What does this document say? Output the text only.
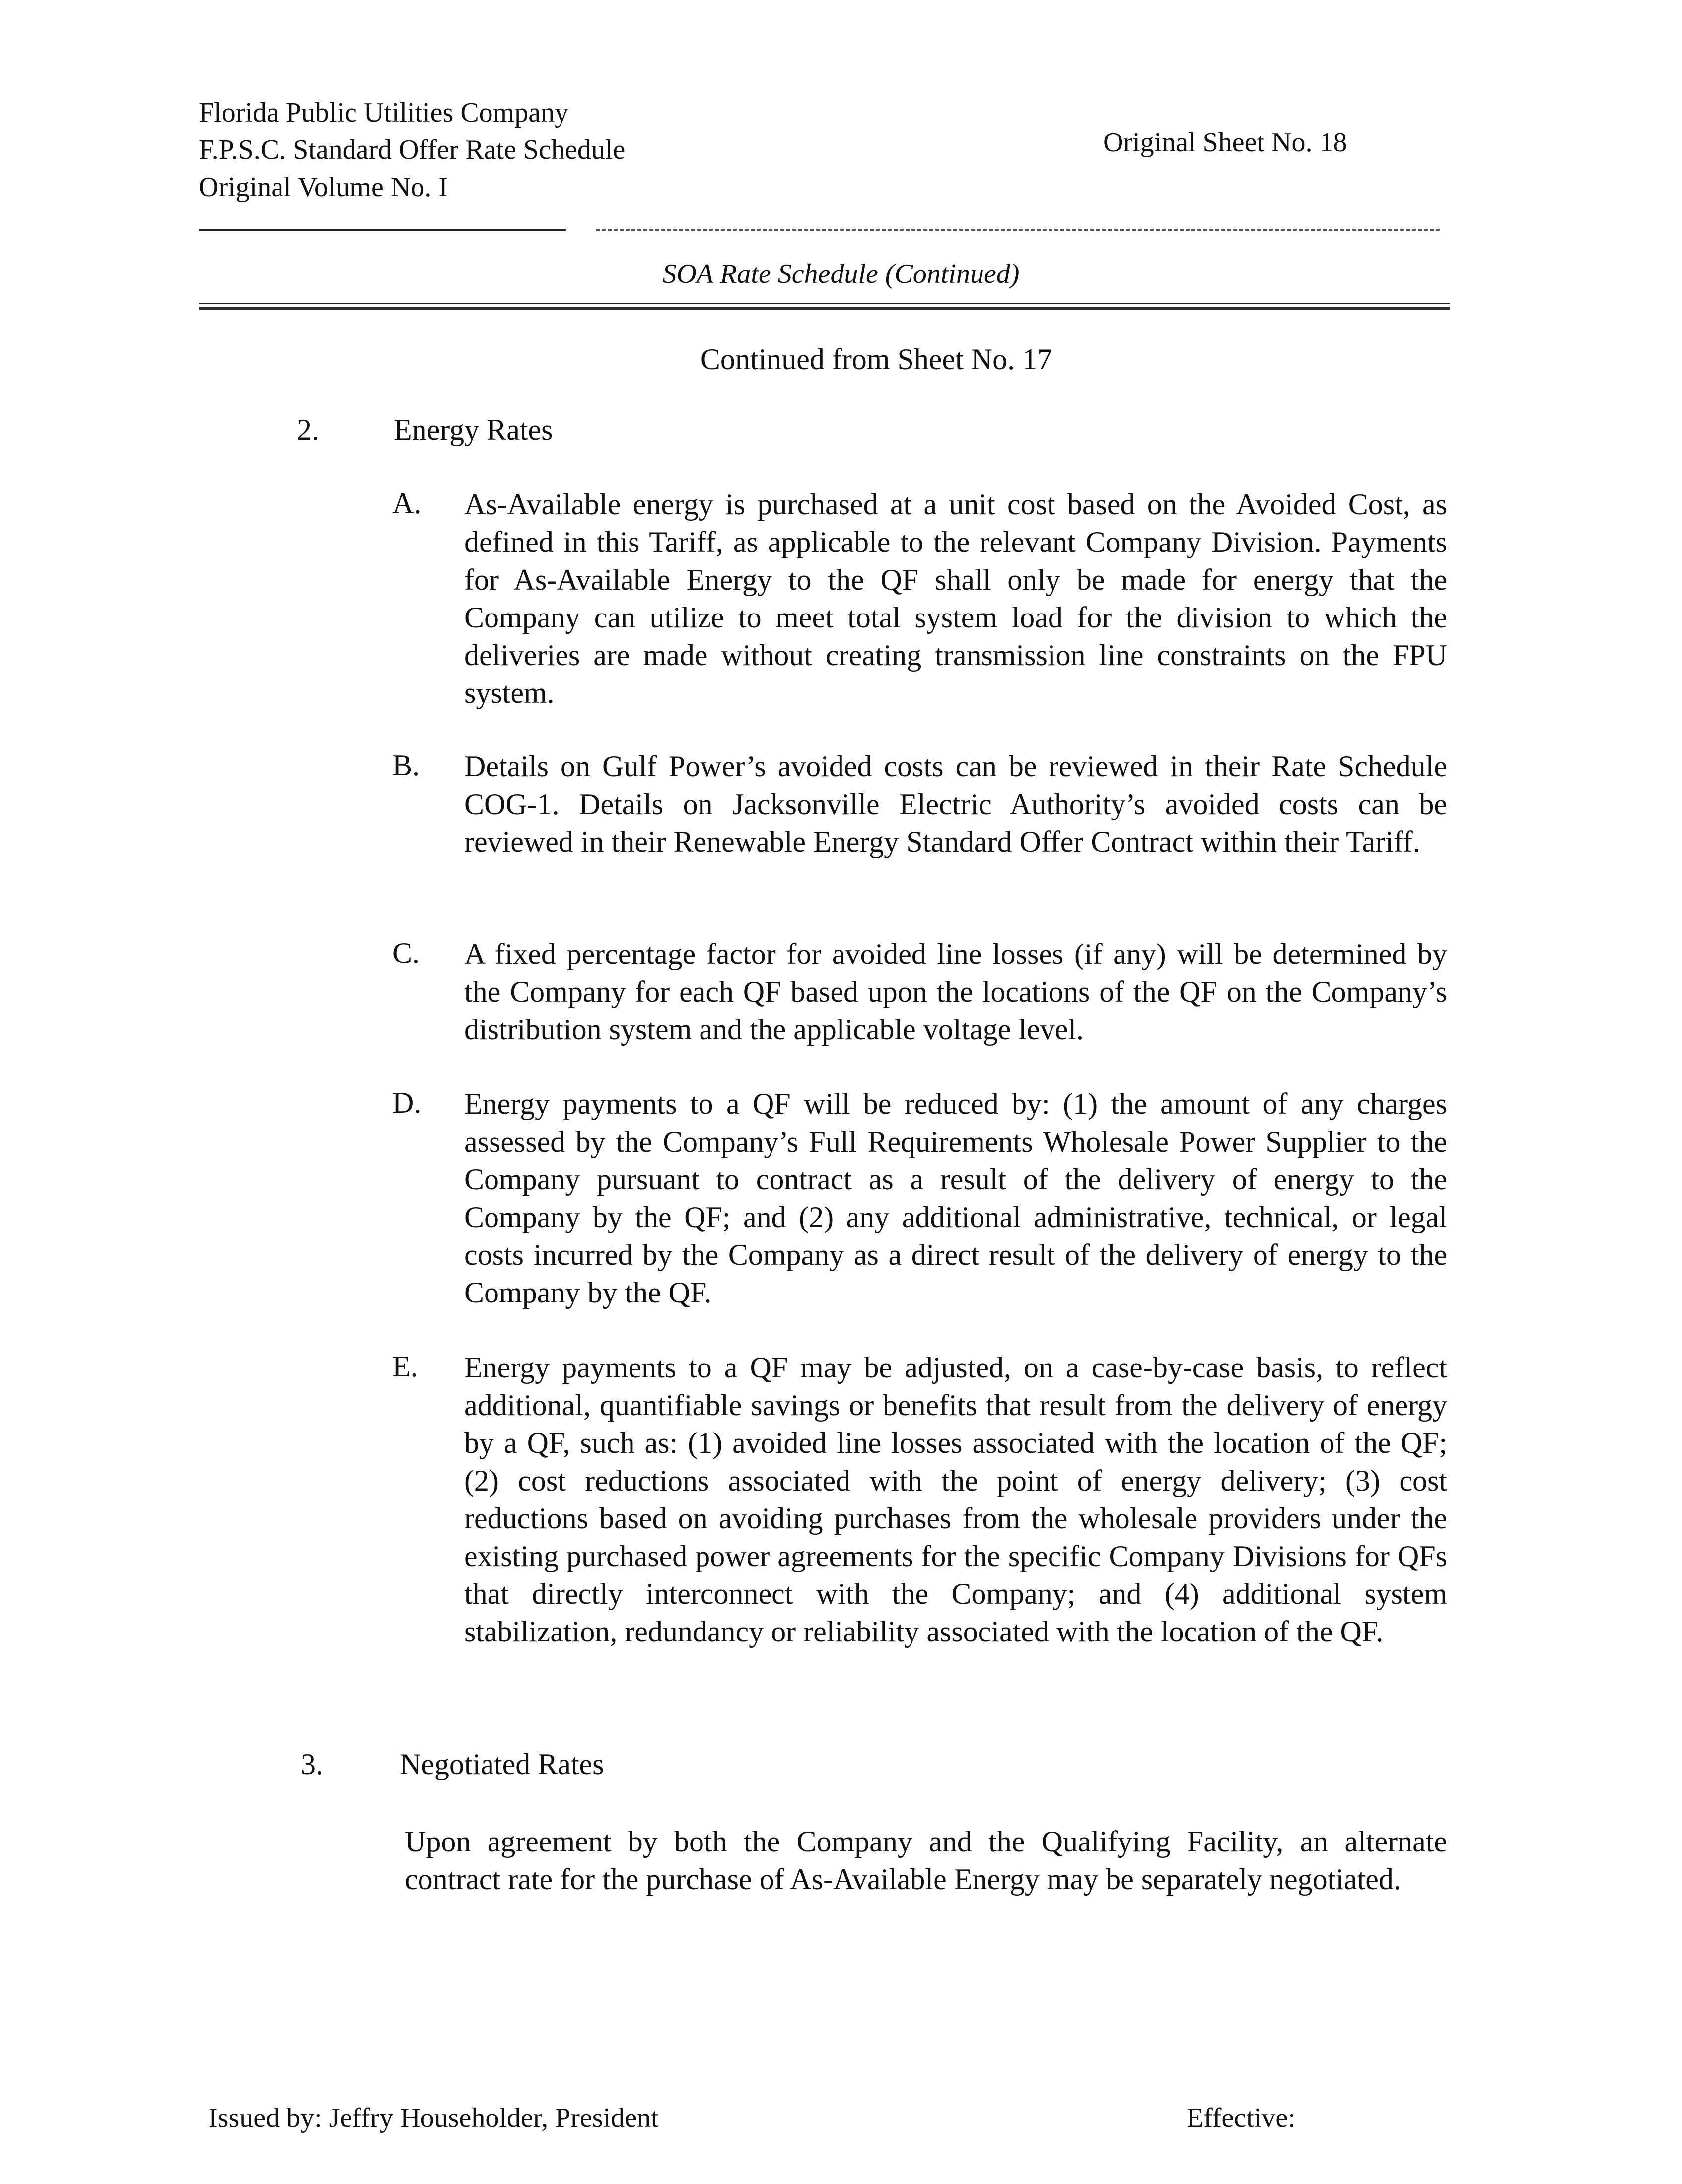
Florida Public Utilities Company
F.P.S.C. Standard Offer Rate Schedule
Original Volume No. I
Original Sheet No. 18
SOA Rate Schedule (Continued)
Continued from Sheet No. 17
2.	Energy Rates
A. As-Available energy is purchased at a unit cost based on the Avoided Cost, as defined in this Tariff, as applicable to the relevant Company Division. Payments for As-Available Energy to the QF shall only be made for energy that the Company can utilize to meet total system load for the division to which the deliveries are made without creating transmission line constraints on the FPU system.
B. Details on Gulf Power’s avoided costs can be reviewed in their Rate Schedule COG-1. Details on Jacksonville Electric Authority’s avoided costs can be reviewed in their Renewable Energy Standard Offer Contract within their Tariff.
C. A fixed percentage factor for avoided line losses (if any) will be determined by the Company for each QF based upon the locations of the QF on the Company’s distribution system and the applicable voltage level.
D. Energy payments to a QF will be reduced by: (1) the amount of any charges assessed by the Company’s Full Requirements Wholesale Power Supplier to the Company pursuant to contract as a result of the delivery of energy to the Company by the QF; and (2) any additional administrative, technical, or legal costs incurred by the Company as a direct result of the delivery of energy to the Company by the QF.
E. Energy payments to a QF may be adjusted, on a case-by-case basis, to reflect additional, quantifiable savings or benefits that result from the delivery of energy by a QF, such as: (1) avoided line losses associated with the location of the QF; (2) cost reductions associated with the point of energy delivery; (3) cost reductions based on avoiding purchases from the wholesale providers under the existing purchased power agreements for the specific Company Divisions for QFs that directly interconnect with the Company; and (4) additional system stabilization, redundancy or reliability associated with the location of the QF.
3.	Negotiated Rates
Upon agreement by both the Company and the Qualifying Facility, an alternate contract rate for the purchase of As-Available Energy may be separately negotiated.
Issued by: Jeffry Householder, President	Effective:
